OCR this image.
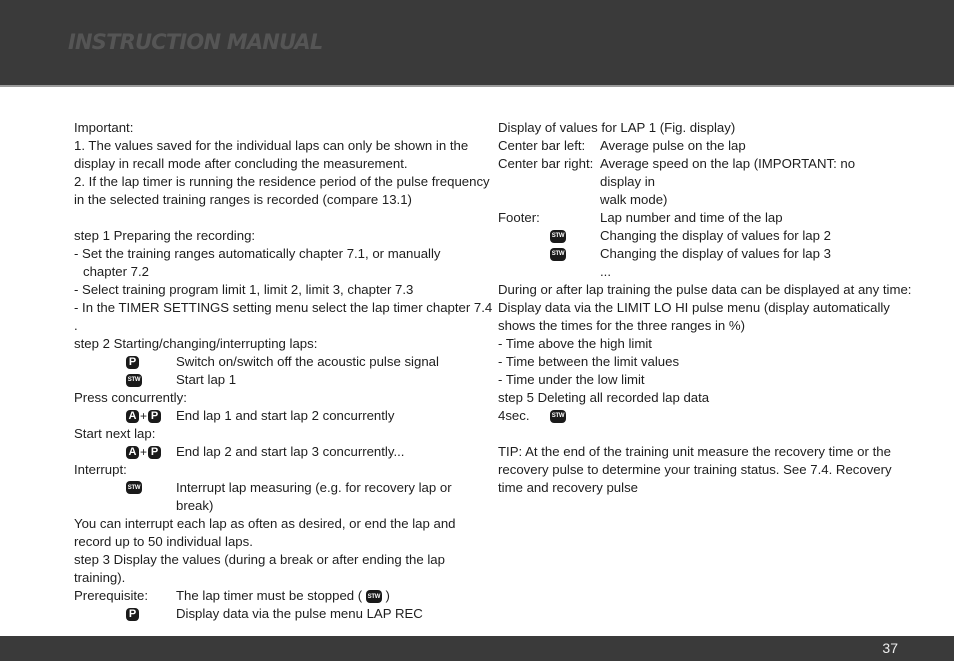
INSTRUCTION MANUAL
Important:
1. The values saved for the individual laps can only be shown in the
display in recall mode after concluding the measurement.
2. If the lap timer is running the residence period of the pulse frequency
in the selected training ranges is recorded (compare 13.1)
step 1 Preparing the recording:
- Set the training ranges automatically chapter 7.1, or manually
chapter 7.2
- Select training program limit 1, limit 2, limit 3, chapter 7.3
- In the TIMER SETTINGS setting menu select the lap timer chapter 7.4
.
step 2 Starting/changing/interrupting laps:
P	Switch on/switch off the acoustic pulse signal
STW	Start lap 1
Press concurrently:
A + P End lap 1 and start lap 2 concurrently
Start next lap:
A + P End lap 2 and start lap 3 concurrently...
Interrupt:
STW	Interrupt lap measuring (e.g. for recovery lap or
break)
You can interrupt each lap as often as desired, or end the lap and
record up to 50 individual laps.
step 3 Display the values (during a break or after ending the lap
training).
Prerequisite:	The lap timer must be stopped ( STW )
P	Display data via the pulse menu LAP REC
Display of values for LAP 1 (Fig. display)
Center bar left:	Average pulse on the lap
Center bar right: Average speed on the lap (IMPORTANT: no display in
walk mode)
Footer:	Lap number and time of the lap
STW	Changing the display of values for lap 2
STW	Changing the display of values for lap 3
...
During or after lap training the pulse data can be displayed at any time:
Display data via the LIMIT LO HI pulse menu (display automatically
shows the times for the three ranges in %)
- Time above the high limit
- Time between the limit values
- Time under the low limit
step 5 Deleting all recorded lap data
4sec.	STW
TIP: At the end of the training unit measure the recovery time or the
recovery pulse to determine your training status. See 7.4. Recovery
time and recovery pulse
37
